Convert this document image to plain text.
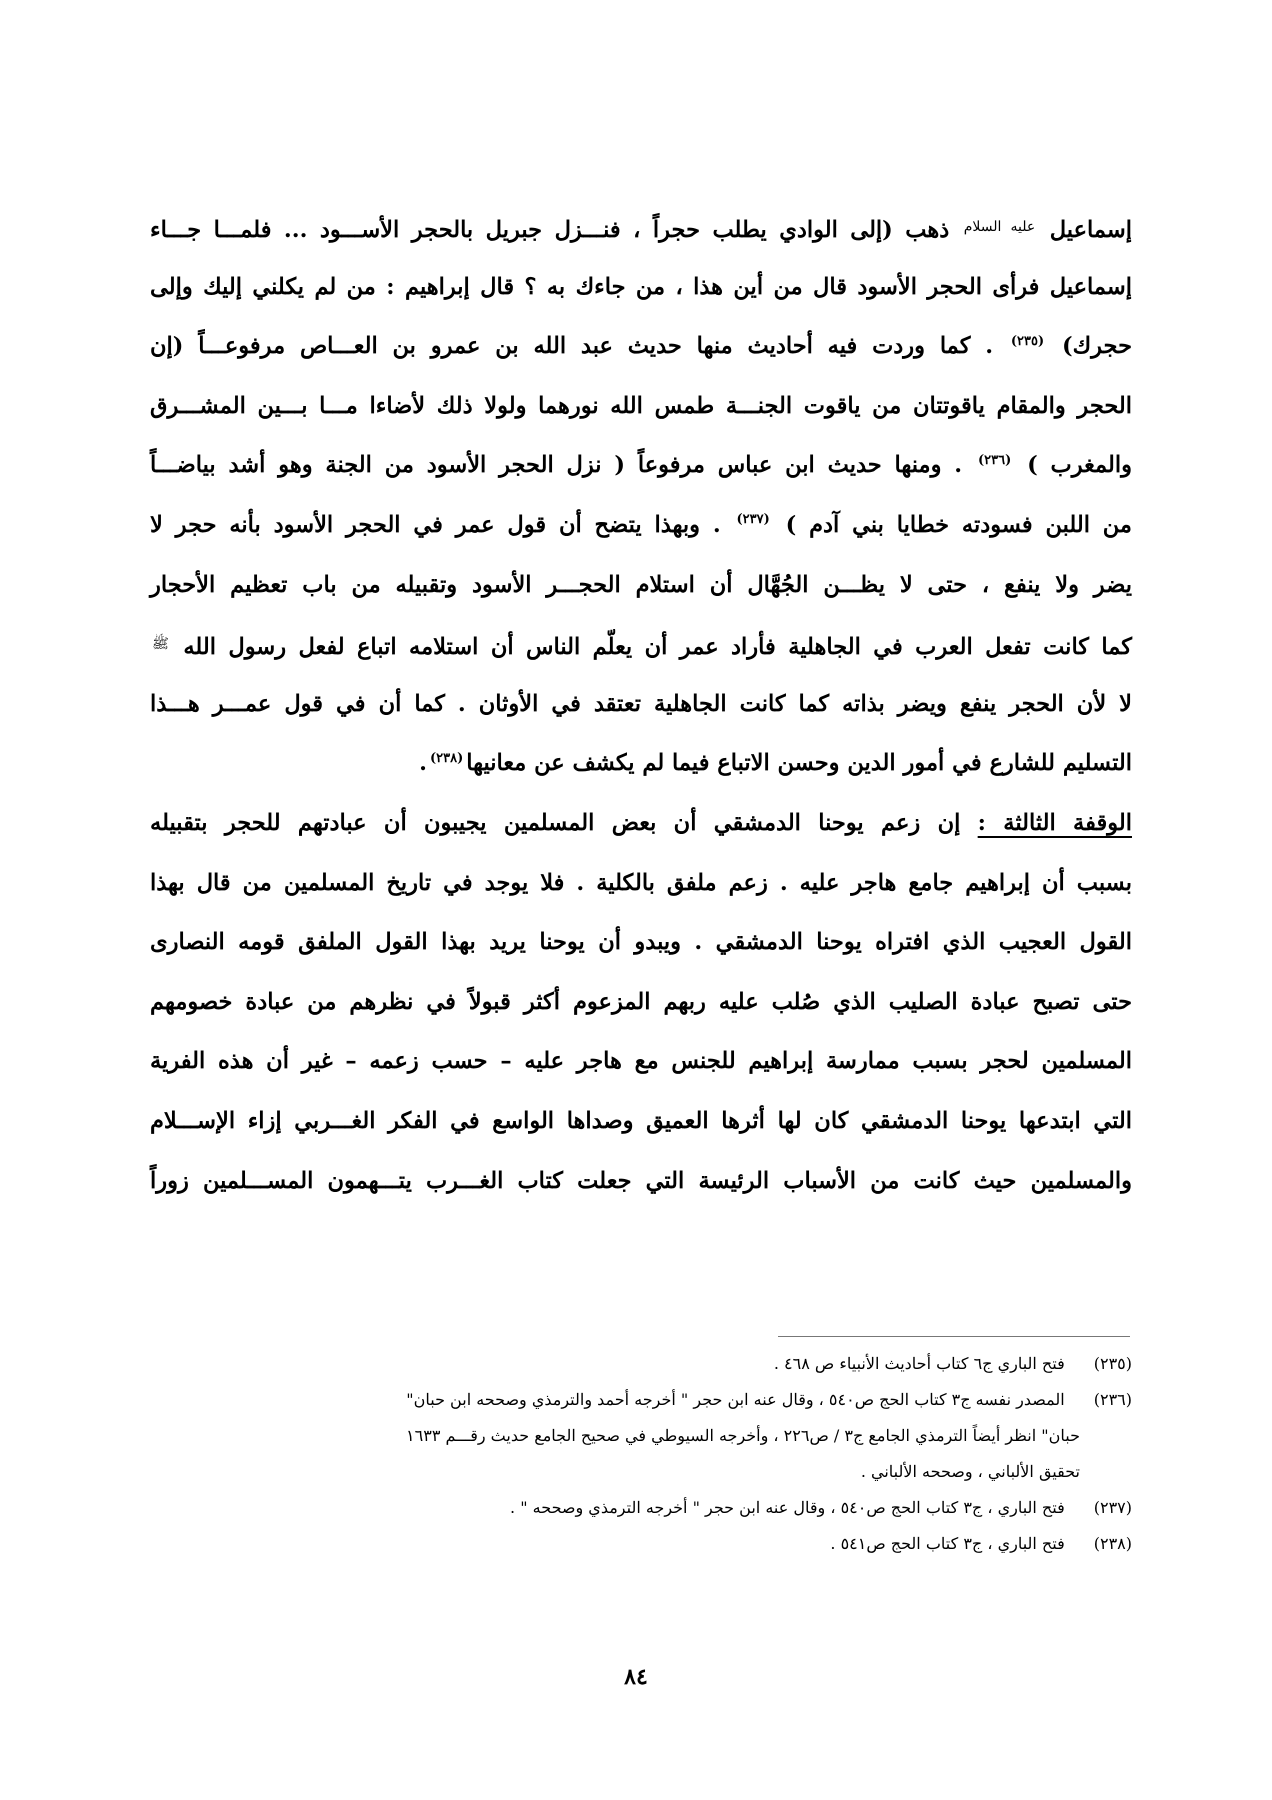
إسماعيل $^{عليه السلام}$ ذهب (إلى الوادي يطلب حجراً ، فنـــزل جبريل بالحجر الأســـود ... فلمـــا جـــاء
إسماعيل فرأى الحجر الأسود قال من أين هذا ، من جاءك به ؟ قال إبراهيم : من لم يكلني إليك وإلى
حجرك) $^{(٢٣٥)}$ . كما وردت فيه أحاديث منها حديث عبد الله بن عمرو بن العـــاص مرفوعـــاً (إن
الحجر والمقام ياقوتتان من ياقوت الجنـــة طمس الله نورهما ولولا ذلك لأضاءا مـــا بـــين المشـــرق
والمغرب ) $^{(٢٣٦)}$ . ومنها حديث ابن عباس مرفوعاً ( نزل الحجر الأسود من الجنة وهو أشد بياضـــاً
من اللبن فسودته خطايا بني آدم ) $^{(٢٣٧)}$ . وبهذا يتضح أن قول عمر في الحجر الأسود بأنه حجر لا
يضر ولا ينفع ، حتى لا يظـــن الجُهَّال أن استلام الحجـــر الأسود وتقبيله من باب تعظيم الأحجار
كما كانت تفعل العرب في الجاهلية فأراد عمر أن يعلّم الناس أن استلامه اتباع لفعل رسول الله $^ﷺ$
لا لأن الحجر ينفع ويضر بذاته كما كانت الجاهلية تعتقد في الأوثان . كما أن في قول عمـــر هـــذا
التسليم للشارع في أمور الدين وحسن الاتباع فيما لم يكشف عن معانيها$^{(٢٣٨)}$.
الوقفة الثالثة : إن زعم يوحنا الدمشقي أن بعض المسلمين يجيبون أن عبادتهم للحجر بتقبيله
بسبب أن إبراهيم جامع هاجر عليه . زعم ملفق بالكلية . فلا يوجد في تاريخ المسلمين من قال بهذا
القول العجيب الذي افتراه يوحنا الدمشقي . ويبدو أن يوحنا يريد بهذا القول الملفق قومه النصارى
حتى تصبح عبادة الصليب الذي صُلب عليه ربهم المزعوم أكثر قبولاً في نظرهم من عبادة خصومهم
المسلمين لحجر بسبب ممارسة إبراهيم للجنس مع هاجر عليه – حسب زعمه – غير أن هذه الفرية
التي ابتدعها يوحنا الدمشقي كان لها أثرها العميق وصداها الواسع في الفكر الغـــربي إزاء الإســـلام
والمسلمين حيث كانت من الأسباب الرئيسة التي جعلت كتاب الغـــرب يتـــهمون المســـلمين زوراً
(٢٣٥)   فتح الباري ج٦ كتاب أحاديث الأنبياء ص ٤٦٨ .
(٢٣٦)   المصدر نفسه ج٣ كتاب الحج ص٥٤٠ ، وقال عنه ابن حجر " أخرجه أحمد والترمذي وصححه ابن حبان"
حبان" انظر أيضاً الترمذي الجامع ج٣ / ص٢٢٦ ، وأخرجه السيوطي في صحيح الجامع حديث رقـــم ١٦٣٣
تحقيق الألباني ، وصححه الألباني .
(٢٣٧)   فتح الباري ، ج٣ كتاب الحج ص٥٤٠ ، وقال عنه ابن حجر " أخرجه الترمذي وصححه " .
(٢٣٨)   فتح الباري ، ج٣ كتاب الحج ص٥٤١ .
٨٤
